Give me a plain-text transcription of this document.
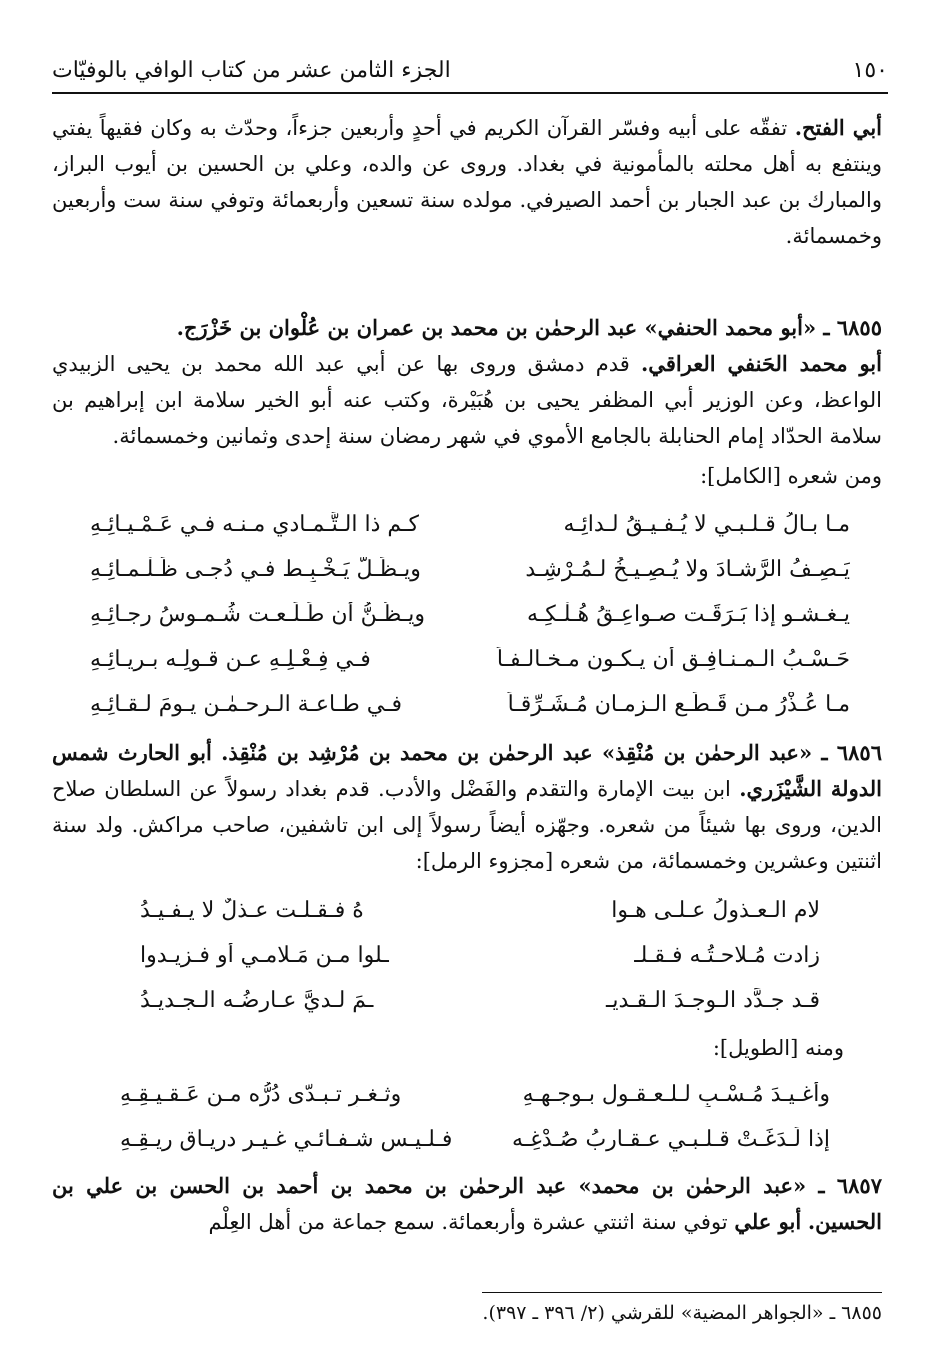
١٥٠
الجزء الثامن عشر من كتاب الوافي بالوفيّات
أبي الفتح. تفقّه على أبيه وفسّر القرآن الكريم في أحدٍ وأربعين جزءاً، وحدّث به وكان فقيهاً يفتي وينتفع به أهل محلته بالمأمونية في بغداد. وروى عن والده، وعلي بن الحسين بن أيوب البراز، والمبارك بن عبد الجبار بن أحمد الصيرفي. مولده سنة تسعين وأربعمائة وتوفي سنة ست وأربعين وخمسمائة.
٦٨٥٥ ـ «أبو محمد الحنفي» عبد الرحمٰن بن محمد بن عمران بن عُلْوان بن خَزْرَج.
أبو محمد الحَنفي العراقي. قدم دمشق وروى بها عن أبي عبد الله محمد بن يحيى الزبيدي الواعظ، وعن الوزير أبي المظفر يحيى بن هُبَيْرة، وكتب عنه أبو الخير سلامة ابن إبراهيم بن سلامة الحدّاد إمام الحنابلة بالجامع الأموي في شهر رمضان سنة إحدى وثمانين وخمسمائة.
ومن شعره [الكامل]:
مـا بـالُ قـلـبـي لا يُـفـيـقُ لـدائِـه
كـم ذا الـتَّـمـادي مـنـه فـي عَـمْـيـائِـهِ
يَـصِـفُ الرَّشـادَ ولا يُـصِـيـخُ لـمُـرْشِـد
ويـظَـلُّ يَـخْـبِـط فـي دُجـى ظَـلْـمـائِـهِ
يـغـشـو إذا بَـرَقَـت صـواعِـقُ هُـلْـكِـه
ويـظُـنُّ أن طَـلَـعـت شُـمـوسُ رجـائِـهِ
حَـسْـبُ الـمـنـافِـق أن يـكـون مـخـالـفـاً
فـي فِـعْـلِـهِ عـن قـولِـه بـريـائِـهِ
مـا عُـذْرُ مـن قَـطَـع الـزمـان مُـشَـرِّقـاً
فـي طـاعـة الـرحـمٰـن يـومَ لـقـائِـهِ
٦٨٥٦ ـ «عبد الرحمٰن بن مُنْقِذ» عبد الرحمٰن بن محمد بن مُرْشِد بن مُنْقِذ. أبو الحارث شمس الدولة الشَّيْزَري. ابن بيت الإمارة والتقدم والفَضْل والأدب. قدم بغداد رسولاً عن السلطان صلاح الدين، وروى بها شيئاً من شعره. وجهّزه أيضاً رسولاً إلى ابن تاشفين، صاحب مراكش. ولد سنة اثنتين وعشرين وخمسمائة، من شعره [مجزوء الرمل]:
لام الـعـذولُ عـلـى هـوا
هُ فـقـلـت عـذلٌ لا يـفـيـدُ
زادت مُـلاحـتُـه فـقـلـ
ـلوا مـن مَـلامـي أو فـزيـدوا
قـد جـدَّد الـوجـدَ الـقـديـ
ـمَ لـديَّ عـارضُـه الـجـديـدُ
ومنه [الطويل]:
وأغـيـدَ مُـسْـبٍ لـلـعـقـول بـوجـهِـهِ
وثـغـرٍ تـبـدّى دُرُّه مـن عَـقـيـقِـهِ
إذا لَـدَغَـتْ قـلـبـي عـقـاربُ صُـدْغِـه
فـلـيـس شـفـائـي غـيـر دريـاق ريـقِـهِ
٦٨٥٧ ـ «عبد الرحمٰن بن محمد» عبد الرحمٰن بن محمد بن أحمد بن الحسن بن علي بن الحسين. أبو علي توفي سنة اثنتي عشرة وأربعمائة. سمع جماعة من أهل العِلْم
٦٨٥٥ ـ «الجواهر المضية» للقرشي (٢/ ٣٩٦ ـ ٣٩٧).
